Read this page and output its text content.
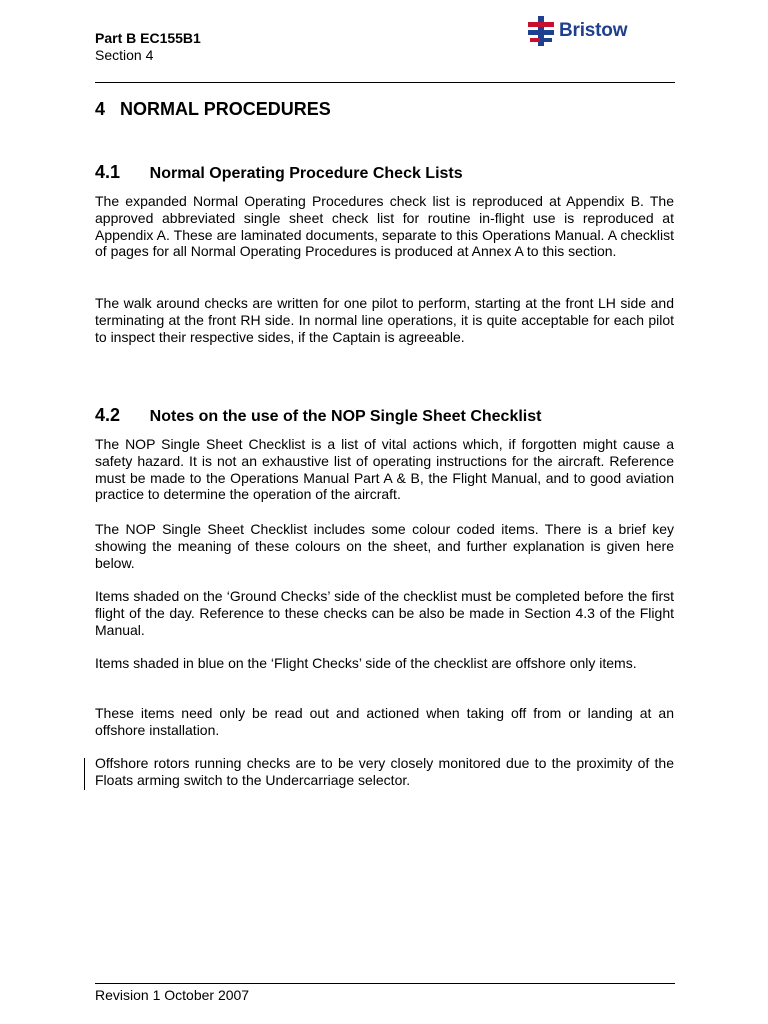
Part B EC155B1
Section 4
Bristow
4 NORMAL PROCEDURES
4.1 Normal Operating Procedure Check Lists

The expanded Normal Operating Procedures check list is reproduced at Appendix B. The approved abbreviated single sheet check list for routine in-flight use is reproduced at Appendix A. These are laminated documents, separate to this Operations Manual. A checklist of pages for all Normal Operating Procedures is produced at Annex A to this section.

The walk around checks are written for one pilot to perform, starting at the front LH side and terminating at the front RH side. In normal line operations, it is quite acceptable for each pilot to inspect their respective sides, if the Captain is agreeable.

4.2 Notes on the use of the NOP Single Sheet Checklist

The NOP Single Sheet Checklist is a list of vital actions which, if forgotten might cause a safety hazard. It is not an exhaustive list of operating instructions for the aircraft. Reference must be made to the Operations Manual Part A & B, the Flight Manual, and to good aviation practice to determine the operation of the aircraft.

The NOP Single Sheet Checklist includes some colour coded items. There is a brief key showing the meaning of these colours on the sheet, and further explanation is given here below.

Items shaded on the ‘Ground Checks’ side of the checklist must be completed before the first flight of the day. Reference to these checks can be also be made in Section 4.3 of the Flight Manual.

Items shaded in blue on the ‘Flight Checks’ side of the checklist are offshore only items.

These items need only be read out and actioned when taking off from or landing at an offshore installation.

Offshore rotors running checks are to be very closely monitored due to the proximity of the Floats arming switch to the Undercarriage selector.

Revision 1 October 2007
